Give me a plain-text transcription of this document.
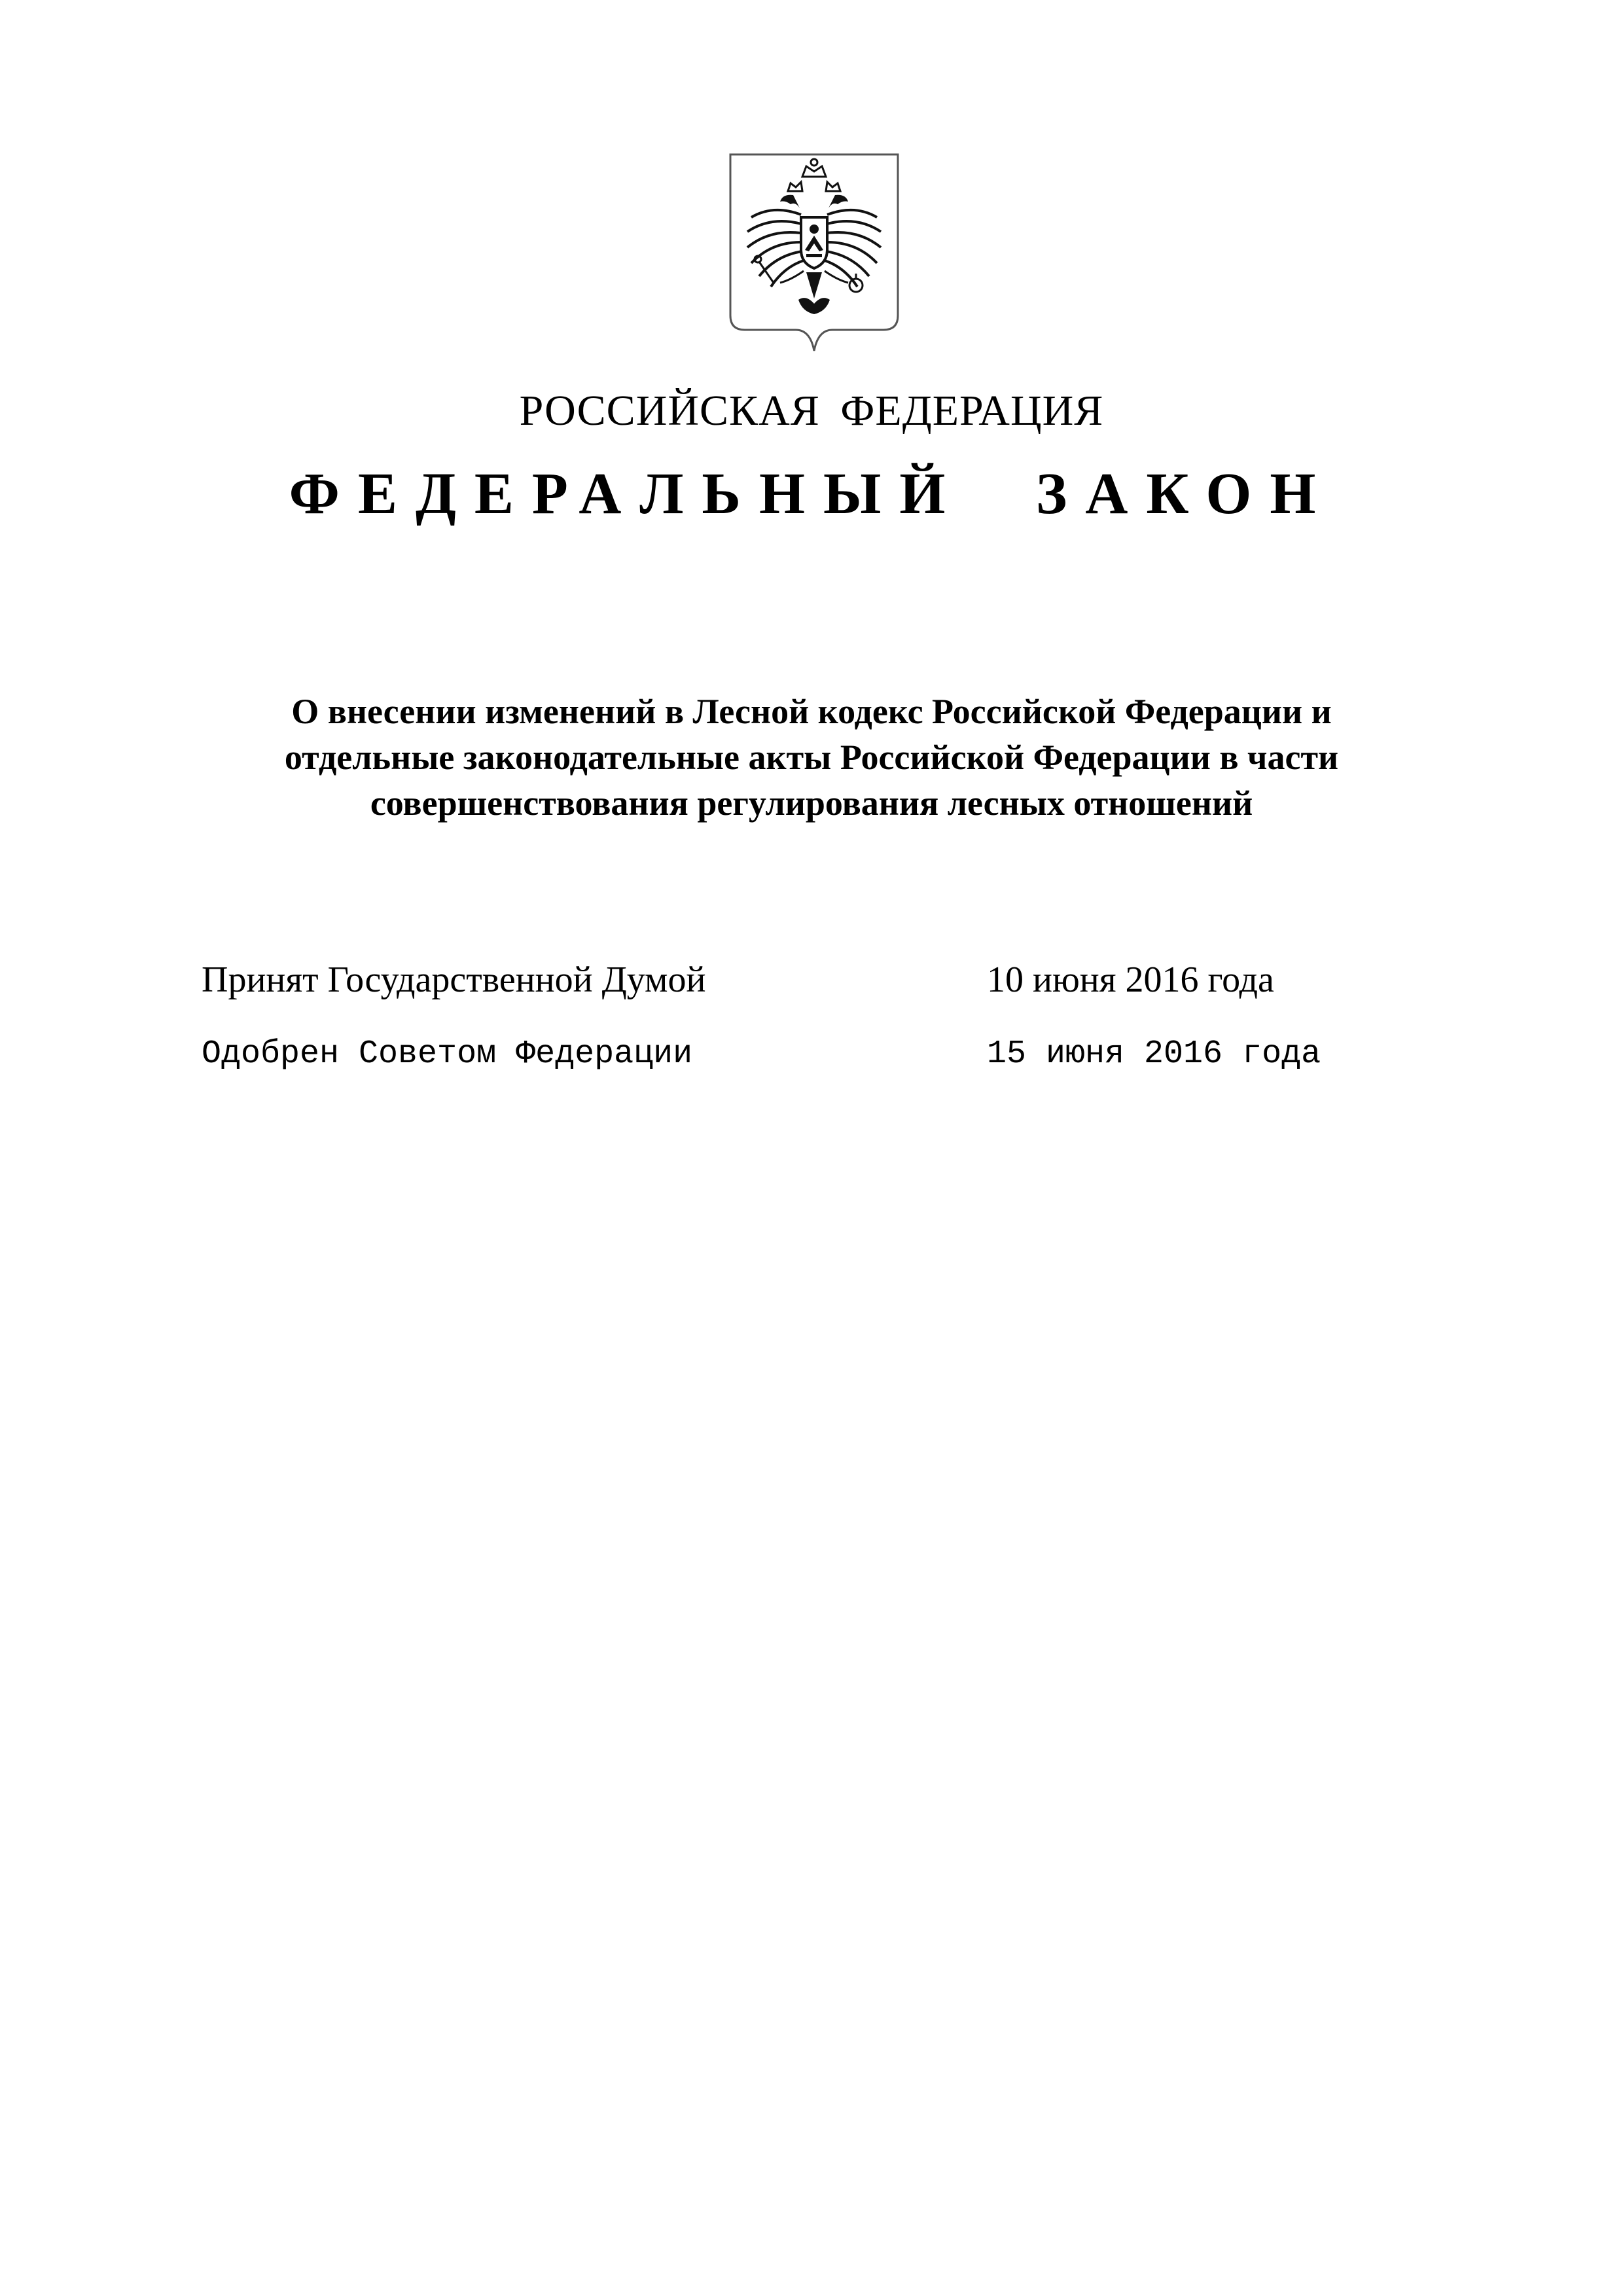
РОССИЙСКАЯ ФЕДЕРАЦИЯ
ФЕДЕРАЛЬНЫЙ ЗАКОН
О внесении изменений в Лесной кодекс Российской Федерации и
отдельные законодательные акты Российской Федерации в части
совершенствования регулирования лесных отношений
Принят Государственной Думой	10 июня 2016 года
Одобрен Советом Федерации	15 июня 2016 года
